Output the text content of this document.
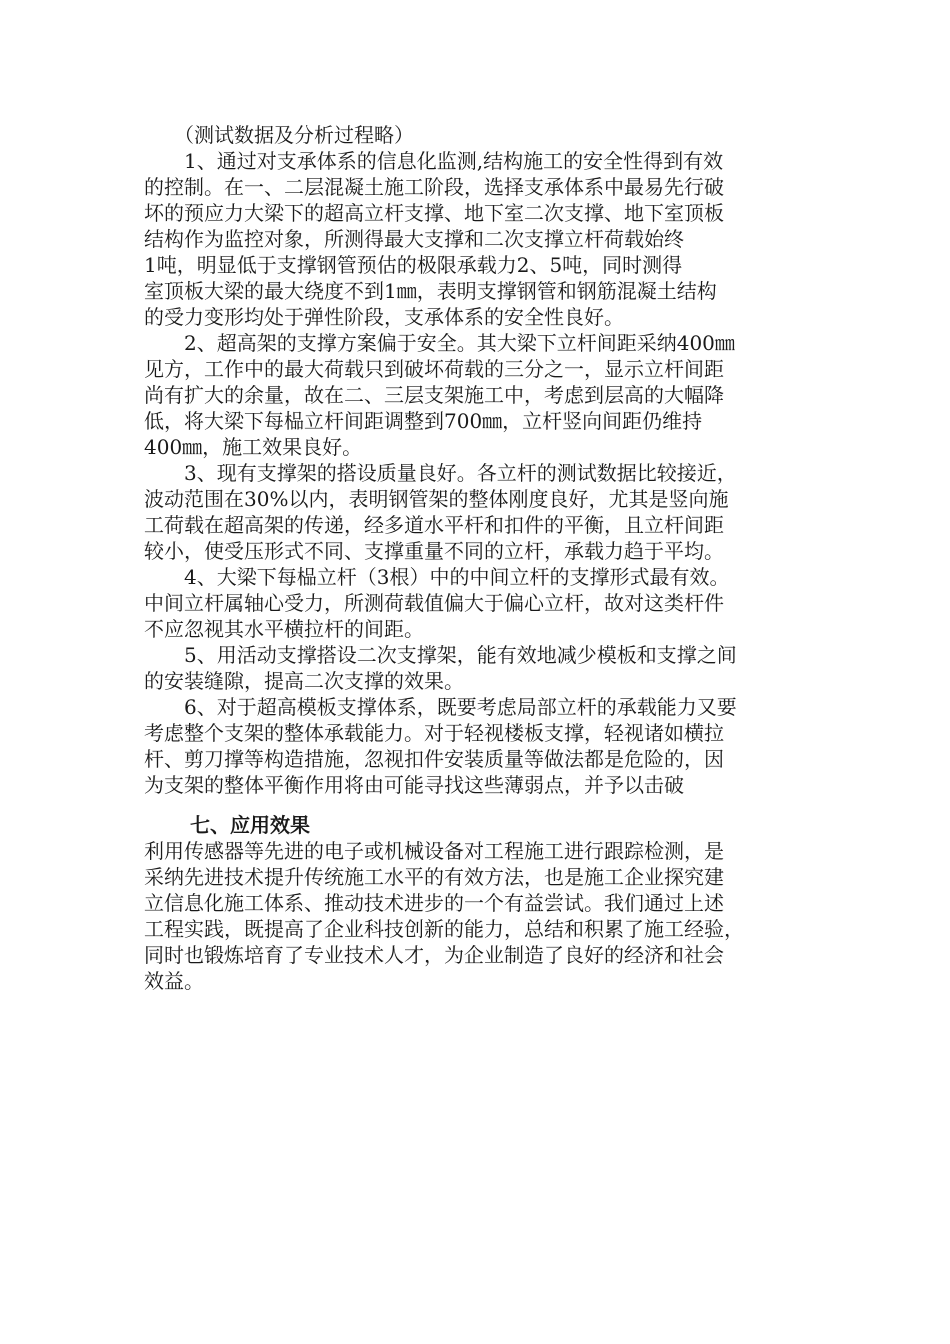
　　（测试数据及分析过程略）
　　1、通过对支承体系的信息化监测,结构施工的安全性得到有效
的控制。在一、二层混凝土施工阶段，选择支承体系中最易先行破
坏的预应力大梁下的超高立杆支撑、地下室二次支撑、地下室顶板
结构作为监控对象，所测得最大支撑和二次支撑立杆荷载始终
1吨，明显低于支撑钢管预估的极限承载力2、5吨，同时测得
室顶板大梁的最大绕度不到1㎜，表明支撑钢管和钢筋混凝土结构
的受力变形均处于弹性阶段，支承体系的安全性良好。
　　2、超高架的支撑方案偏于安全。其大梁下立杆间距采纳400㎜
见方，工作中的最大荷载只到破坏荷载的三分之一，显示立杆间距
尚有扩大的余量，故在二、三层支架施工中，考虑到层高的大幅降
低，将大梁下每榀立杆间距调整到700㎜，立杆竖向间距仍维持
400㎜，施工效果良好。
　　3、现有支撑架的搭设质量良好。各立杆的测试数据比较接近，
波动范围在30%以内，表明钢管架的整体刚度良好，尤其是竖向施
工荷载在超高架的传递，经多道水平杆和扣件的平衡，且立杆间距
较小，使受压形式不同、支撑重量不同的立杆，承载力趋于平均。
　　4、大梁下每榀立杆（3根）中的中间立杆的支撑形式最有效。
中间立杆属轴心受力，所测荷载值偏大于偏心立杆，故对这类杆件
不应忽视其水平横拉杆的间距。
　　5、用活动支撑搭设二次支撑架，能有效地减少模板和支撑之间
的安装缝隙，提高二次支撑的效果。
　　6、对于超高模板支撑体系，既要考虑局部立杆的承载能力又要
考虑整个支架的整体承载能力。对于轻视楼板支撑，轻视诸如横拉
杆、剪刀撑等构造措施，忽视扣件安装质量等做法都是危险的，因
为支架的整体平衡作用将由可能寻找这些薄弱点，并予以击破
七、应用效果
利用传感器等先进的电子或机械设备对工程施工进行跟踪检测，是
采纳先进技术提升传统施工水平的有效方法，也是施工企业探究建
立信息化施工体系、推动技术进步的一个有益尝试。我们通过上述
工程实践，既提高了企业科技创新的能力，总结和积累了施工经验，
同时也锻炼培育了专业技术人才，为企业制造了良好的经济和社会
效益。
